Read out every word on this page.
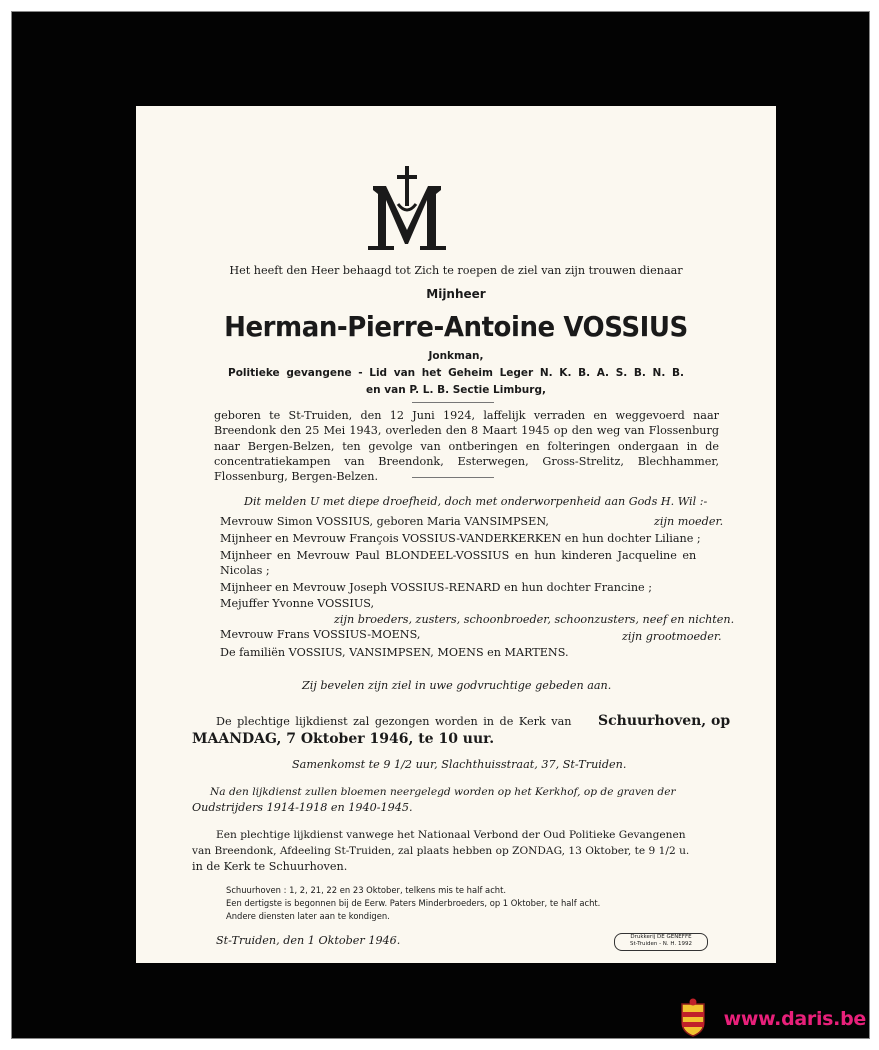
Het heeft den Heer behaagd tot Zich te roepen de ziel van zijn trouwen dienaar
Mijnheer
Herman-Pierre-Antoine VOSSIUS
Jonkman,
Politieke gevangene - Lid van het Geheim Leger N. K. B. A. S. B. N. B.
en van P. L. B. Sectie Limburg,

geboren te St-Truiden, den 12 Juni 1924, laffelijk verraden en weggevoerd naar Breendonk den 25 Mei 1943, overleden den 8 Maart 1945 op den weg van Flossenburg naar Bergen-Belzen, ten gevolge van ontberingen en folteringen ondergaan in de concentratiekampen van Breendonk, Esterwegen, Gross-Strelitz, Blechhammer, Flossenburg, Bergen-Belzen.

Dit melden U met diepe droefheid, doch met onderworpenheid aan Gods H. Wil :-
Mevrouw Simon VOSSIUS, geboren Maria VANSIMPSEN,	zijn moeder.
Mijnheer en Mevrouw François VOSSIUS-VANDERKERKEN en hun dochter Liliane ;
Mijnheer en Mevrouw Paul BLONDEEL-VOSSIUS en hun kinderen Jacqueline en
Nicolas ;
Mijnheer en Mevrouw Joseph VOSSIUS-RENARD en hun dochter Francine ;
Mejuffer Yvonne VOSSIUS,
zijn broeders, zusters, schoonbroeder, schoonzusters, neef en nichten.
Mevrouw Frans VOSSIUS-MOENS,	zijn grootmoeder.
De familiën VOSSIUS, VANSIMPSEN, MOENS en MARTENS.
Zij bevelen zijn ziel in uwe godvruchtige gebeden aan.
De plechtige lijkdienst zal gezongen worden in de Kerk van Schuurhoven, op
MAANDAG, 7 Oktober 1946, te 10 uur.
Samenkomst te 9 1/2 uur, Slachthuisstraat, 37, St-Truiden.
Na den lijkdienst zullen bloemen neergelegd worden op het Kerkhof, op de graven der
Oudstrijders 1914-1918 en 1940-1945.
Een plechtige lijkdienst vanwege het Nationaal Verbond der Oud Politieke Gevangenen
van Breendonk, Afdeeling St-Truiden, zal plaats hebben op ZONDAG, 13 Oktober, te 9 1/2 u.
in de Kerk te Schuurhoven.
Schuurhoven : 1, 2, 21, 22 en 23 Oktober, telkens mis te half acht.
Een dertigste is begonnen bij de Eerw. Paters Minderbroeders, op 1 Oktober, te half acht.
Andere diensten later aan te kondigen.
St-Truiden, den 1 Oktober 1946.	Drukkerij DE GENEFFE
St-Truiden - N. H. 1992
www.daris.be
